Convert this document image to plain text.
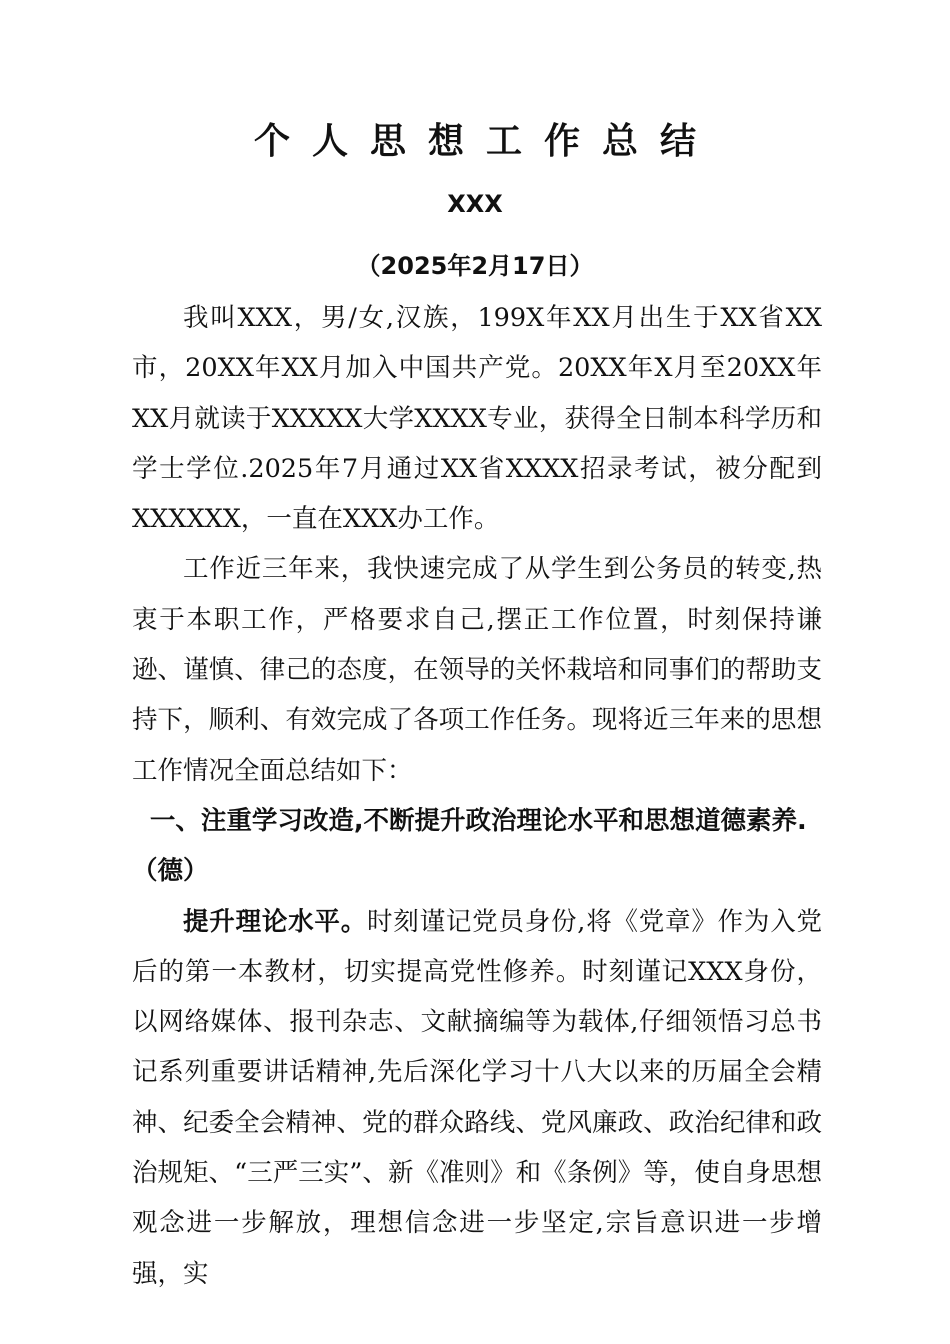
个人思想工作总结
XXX
（2025年2月17日）

我叫XXX，男/女,汉族，199X年XX月出生于XX省XX市，20XX年XX月加入中国共产党。20XX年X月至20XX年XX月就读于XXXXX大学XXXX专业，获得全日制本科学历和学士学位.2025年7月通过XX省XXXX招录考试，被分配到XXXXXX，一直在XXX办工作。

工作近三年来，我快速完成了从学生到公务员的转变,热衷于本职工作，严格要求自己,摆正工作位置，时刻保持谦逊、谨慎、律己的态度，在领导的关怀栽培和同事们的帮助支持下，顺利、有效完成了各项工作任务。现将近三年来的思想工作情况全面总结如下：

一、注重学习改造,不断提升政治理论水平和思想道德素养.

（德）

提升理论水平。时刻谨记党员身份,将《党章》作为入党后的第一本教材，切实提高党性修养。时刻谨记XXX身份，以网络媒体、报刊杂志、文献摘编等为载体,仔细领悟习总书记系列重要讲话精神,先后深化学习十八大以来的历届全会精神、纪委全会精神、党的群众路线、党风廉政、政治纪律和政治规矩、“三严三实”、新《准则》和《条例》等，使自身思想观念进一步解放，理想信念进一步坚定,宗旨意识进一步增强，实
